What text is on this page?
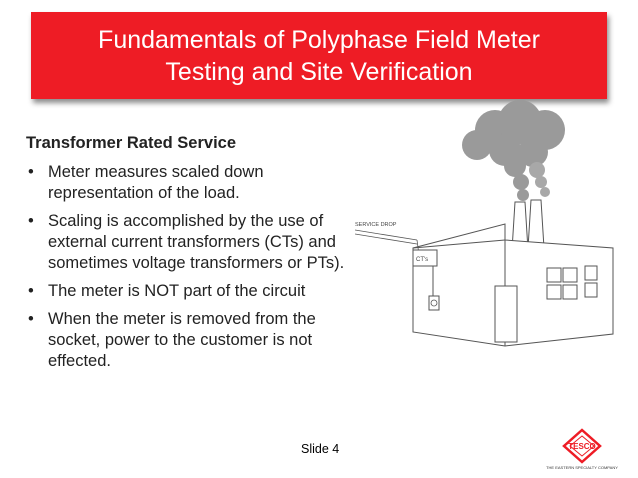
Fundamentals of Polyphase Field Meter
Testing and Site Verification

Transformer Rated Service

• Meter measures scaled down representation of the load.
• Scaling is accomplished by the use of external current transformers (CTs) and sometimes voltage transformers or PTs).
• The meter is NOT part of the circuit
• When the meter is removed from the socket, power to the customer is not effected.
SERVICE DROP
CT's
Slide 4	TESCO
THE EASTERN SPECIALTY COMPANY
